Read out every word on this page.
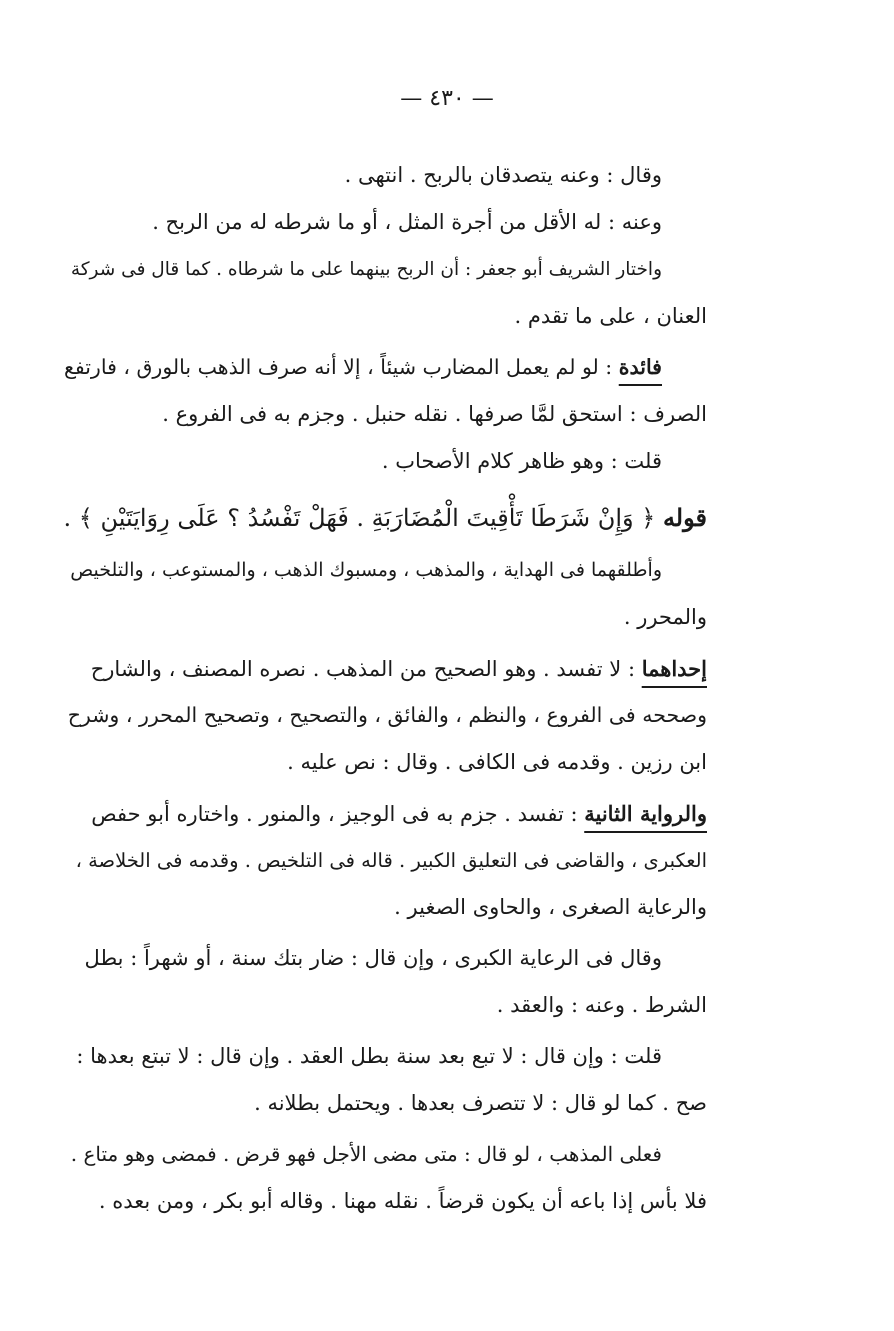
— ٤٣٠ —
وقال : وعنه يتصدقان بالربح . انتهى .
وعنه : له الأقل من أجرة المثل ، أو ما شرطه له من الربح .
واختار الشريف أبو جعفر : أن الربح بينهما على ما شرطاه . كما قال فى شركة
العنان ، على ما تقدم .
فائدة : لو لم يعمل المضارب شيئاً ، إلا أنه صرف الذهب بالورق ، فارتفع
الصرف : استحق لمَّا صرفها . نقله حنبل . وجزم به فى الفروع .
قلت : وهو ظاهر كلام الأصحاب .
قوله ﴿ وَإِنْ شَرَطَا تَأْقِيتَ الْمُضَارَبَةِ . فَهَلْ تَفْسُدُ ؟ عَلَى رِوَايَتَيْنِ ﴾ .
وأطلقهما فى الهداية ، والمذهب ، ومسبوك الذهب ، والمستوعب ، والتلخيص
والمحرر .
إحداهما : لا تفسد . وهو الصحيح من المذهب . نصره المصنف ، والشارح
وصححه فى الفروع ، والنظم ، والفائق ، والتصحيح ، وتصحيح المحرر ، وشرح
ابن رزين . وقدمه فى الكافى . وقال : نص عليه .
والرواية الثانية : تفسد . جزم به فى الوجيز ، والمنور . واختاره أبو حفص
العكبرى ، والقاضى فى التعليق الكبير . قاله فى التلخيص . وقدمه فى الخلاصة ،
والرعاية الصغرى ، والحاوى الصغير .
وقال فى الرعاية الكبرى ، وإن قال : ضار بتك سنة ، أو شهراً : بطل
الشرط . وعنه : والعقد .
قلت : وإن قال : لا تبع بعد سنة بطل العقد . وإن قال : لا تبتع بعدها :
صح . كما لو قال : لا تتصرف بعدها . ويحتمل بطلانه .
فعلى المذهب ، لو قال : متى مضى الأجل فهو قرض . فمضى وهو متاع .
فلا بأس إذا باعه أن يكون قرضاً . نقله مهنا . وقاله أبو بكر ، ومن بعده .
